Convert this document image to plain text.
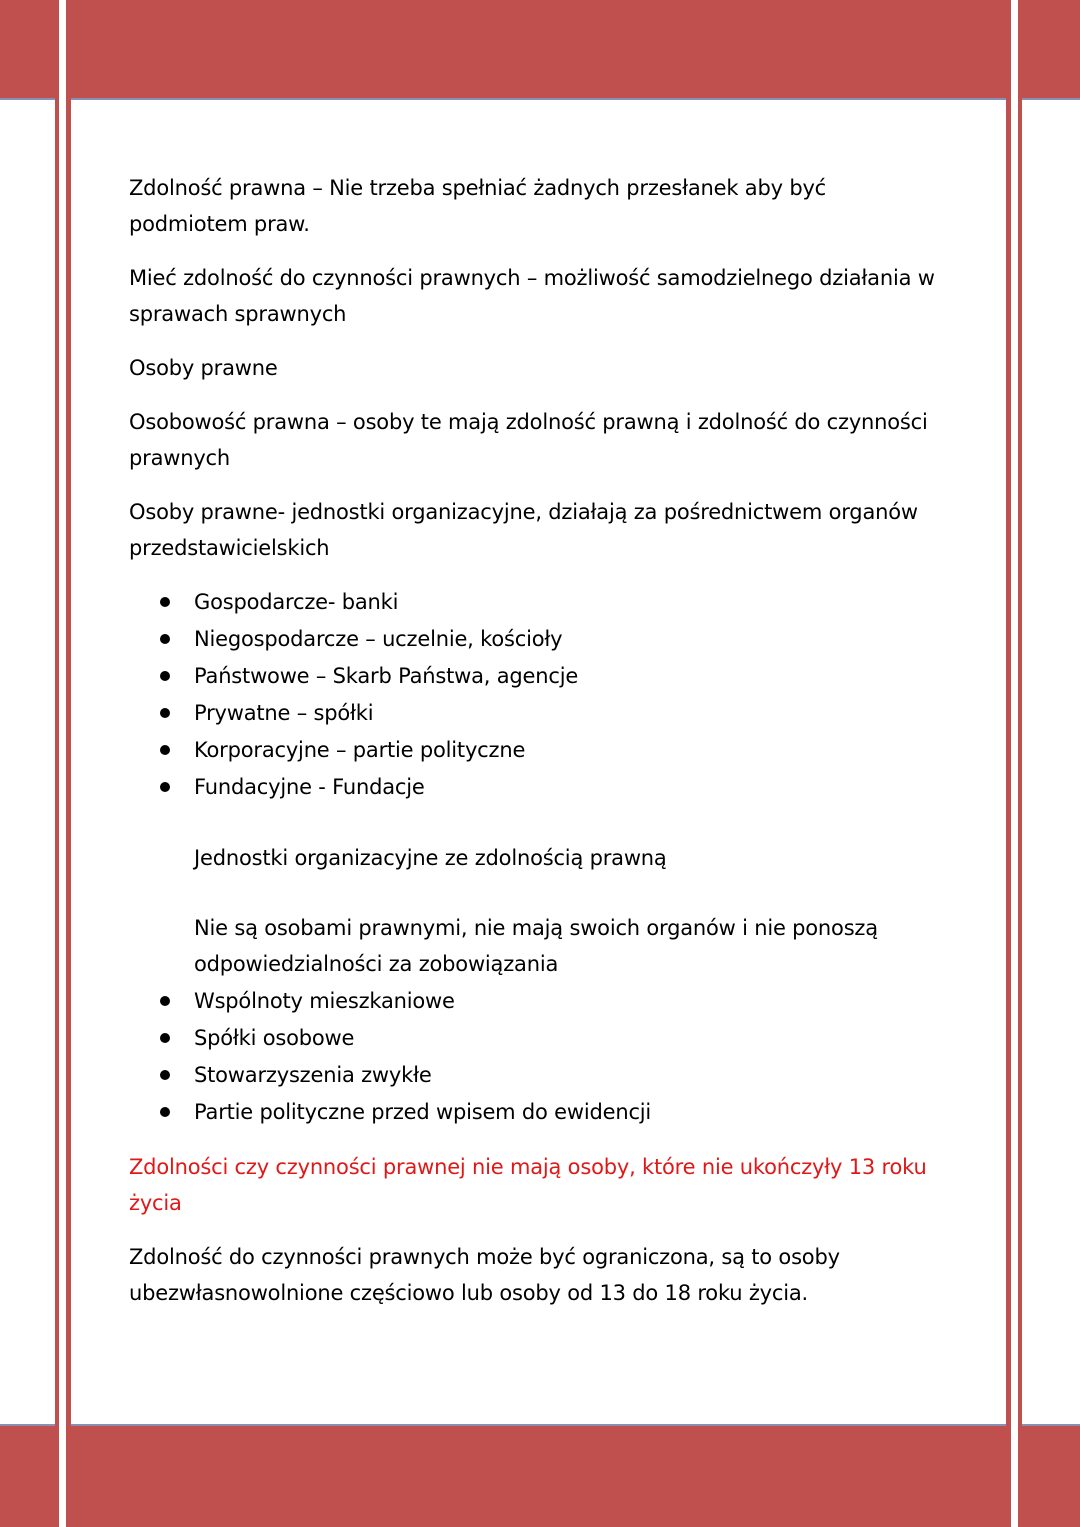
Zdolność prawna – Nie trzeba spełniać żadnych przesłanek aby być podmiotem praw.

Mieć zdolność do czynności prawnych – możliwość samodzielnego działania w sprawach sprawnych

Osoby prawne

Osobowość prawna – osoby te mają zdolność prawną i zdolność do czynności prawnych

Osoby prawne- jednostki organizacyjne, działają za pośrednictwem organów przedstawicielskich

Gospodarcze- banki
Niegospodarcze – uczelnie, kościoły
Państwowe – Skarb Państwa, agencje
Prywatne – spółki
Korporacyjne – partie polityczne
Fundacyjne - Fundacje

Jednostki organizacyjne ze zdolnością prawną

Nie są osobami prawnymi, nie mają swoich organów i nie ponoszą odpowiedzialności za zobowiązania

Wspólnoty mieszkaniowe
Spółki osobowe
Stowarzyszenia zwykłe
Partie polityczne przed wpisem do ewidencji

Zdolności czy czynności prawnej nie mają osoby, które nie ukończyły 13 roku życia

Zdolność do czynności prawnych może być ograniczona, są to osoby ubezwłasnowolnione częściowo lub osoby od 13 do 18 roku życia.
